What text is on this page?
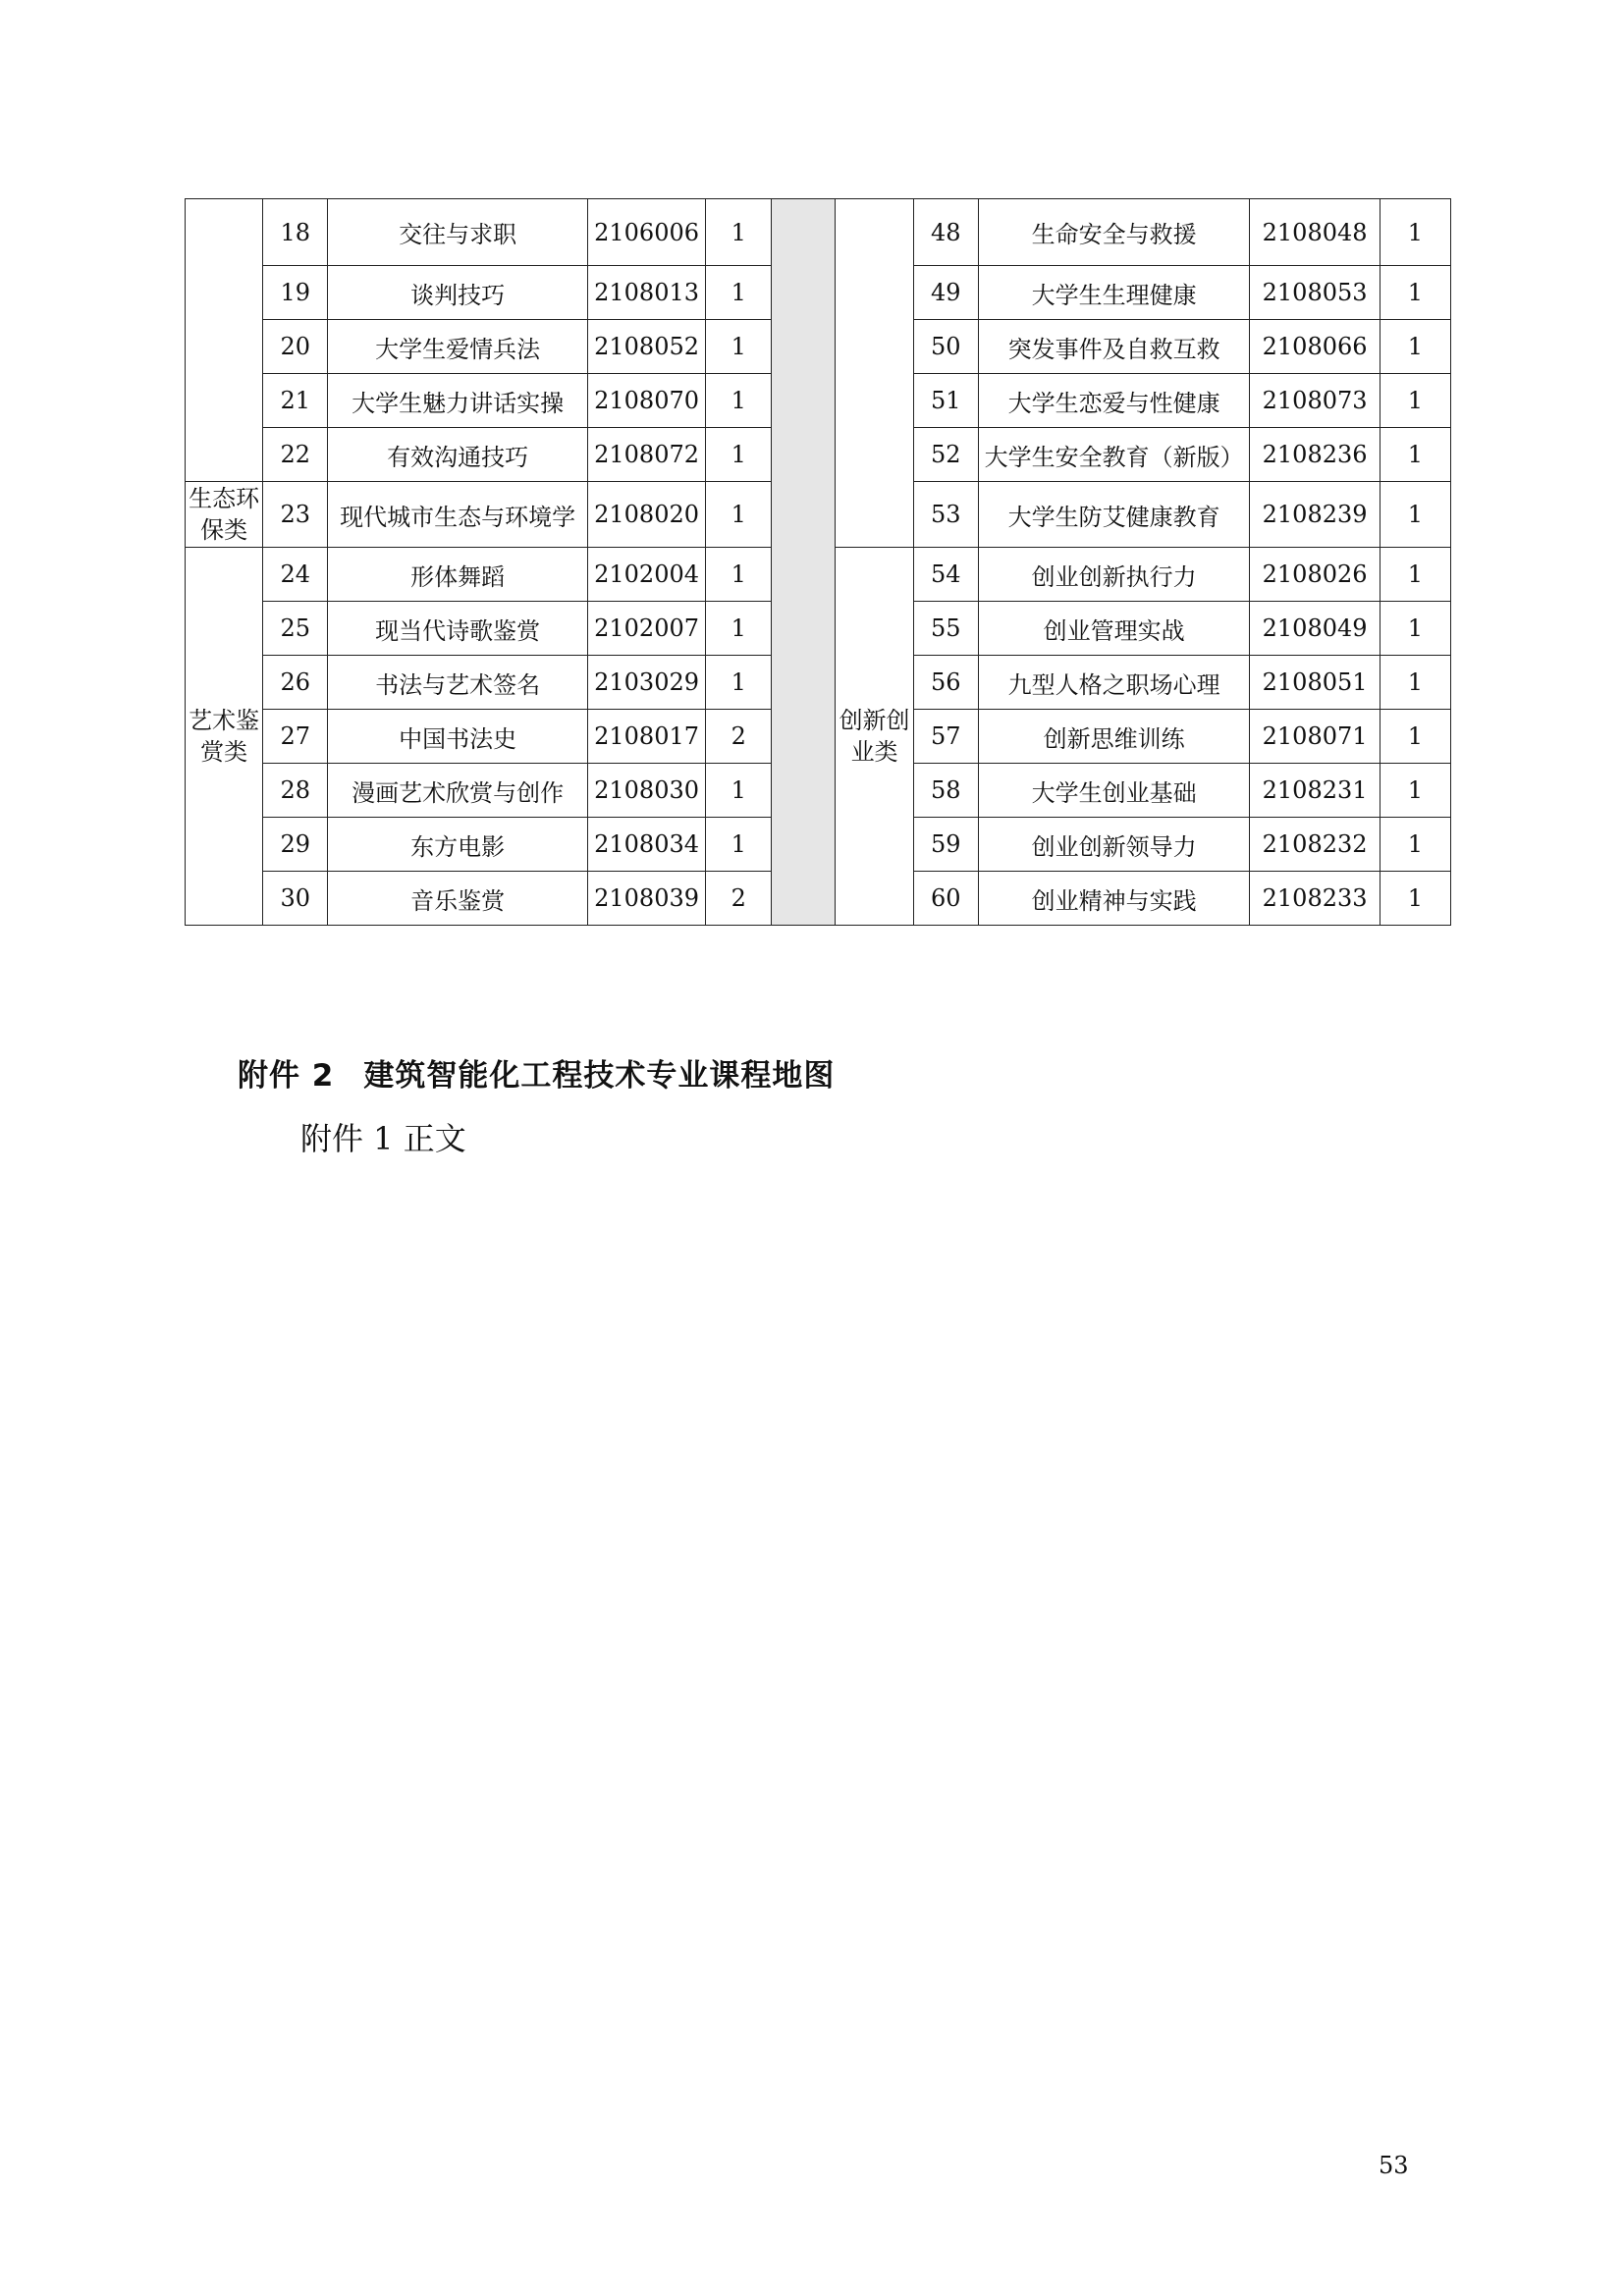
	18	交往与求职	2106006	1			48	生命安全与救援	2108048	1
	19	谈判技巧	2108013	1			49	大学生生理健康	2108053	1
	20	大学生爱情兵法	2108052	1			50	突发事件及自救互救	2108066	1
	21	大学生魅力讲话实操	2108070	1			51	大学生恋爱与性健康	2108073	1
	22	有效沟通技巧	2108072	1			52	大学生安全教育（新版）	2108236	1
生态环保类	23	现代城市生态与环境学	2108020	1			53	大学生防艾健康教育	2108239	1
艺术鉴赏类	24	形体舞蹈	2102004	1		创新创业类	54	创业创新执行力	2108026	1
	25	现当代诗歌鉴赏	2102007	1			55	创业管理实战	2108049	1
	26	书法与艺术签名	2103029	1			56	九型人格之职场心理	2108051	1
	27	中国书法史	2108017	2			57	创新思维训练	2108071	1
	28	漫画艺术欣赏与创作	2108030	1			58	大学生创业基础	2108231	1
	29	东方电影	2108034	1			59	创业创新领导力	2108232	1
	30	音乐鉴赏	2108039	2			60	创业精神与实践	2108233	1
附件 2 建筑智能化工程技术专业课程地图
附件 1 正文
53
